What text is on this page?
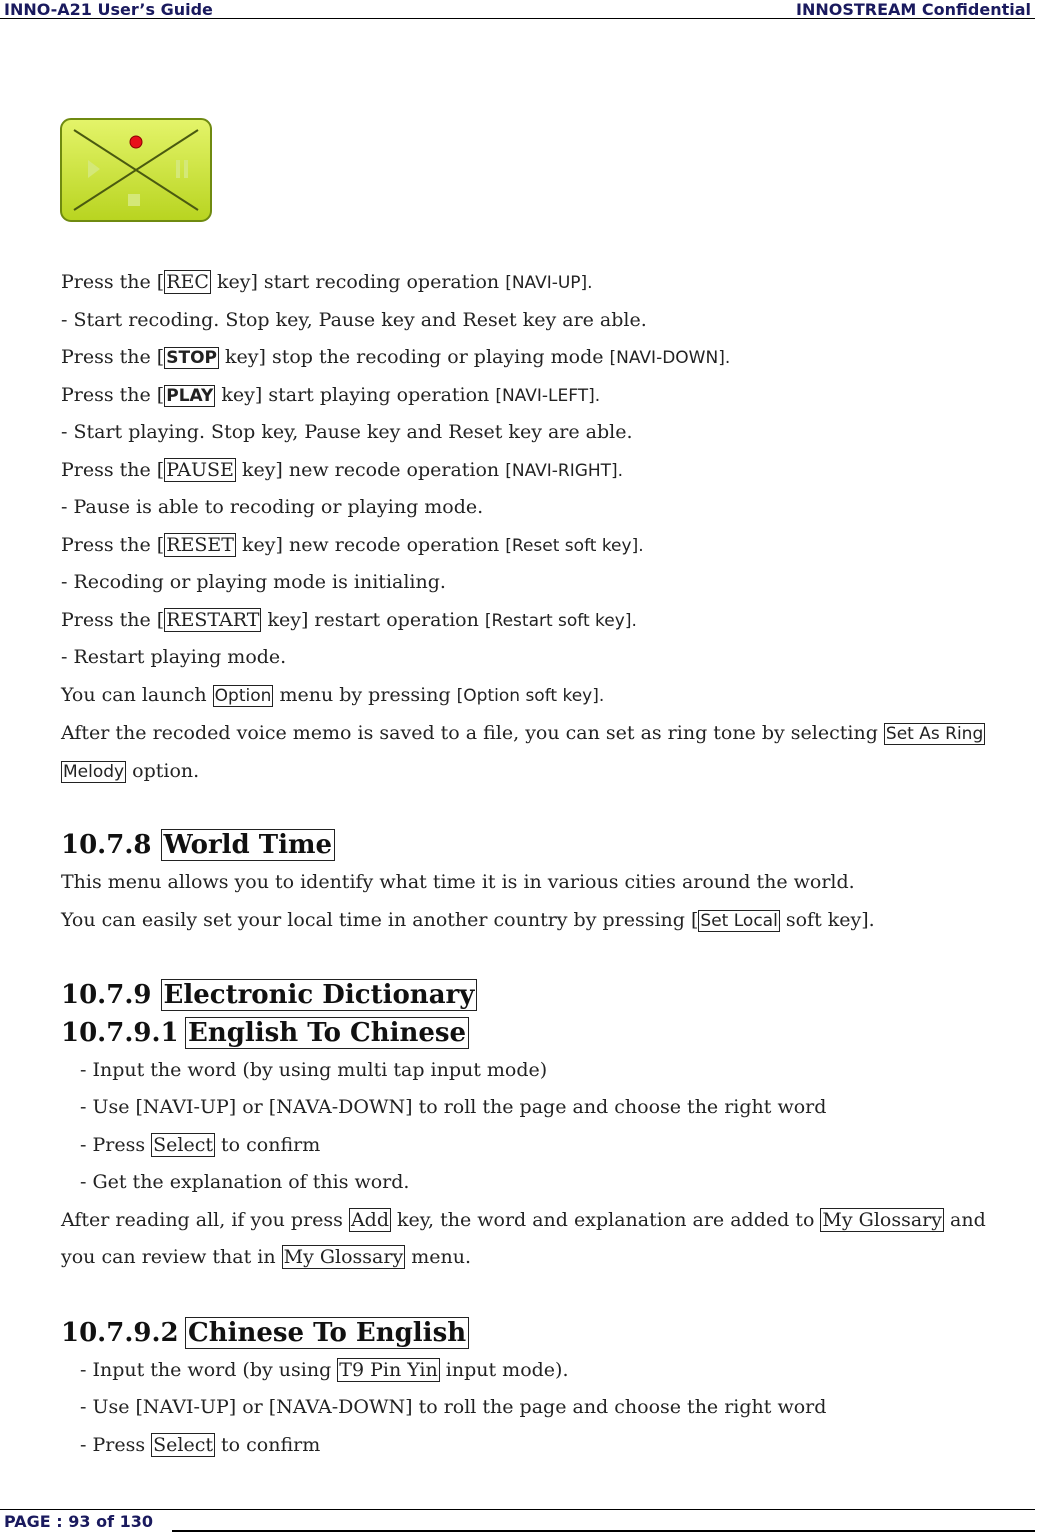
INNO-A21 User’s Guide	INNOSTREAM Confidential
Press the [ REC key] start recoding operation [NAVI-UP].
- Start recoding. Stop key, Pause key and Reset key are able.
Press the [ STOP key] stop the recoding or playing mode [NAVI-DOWN].
Press the [ PLAY key] start playing operation [NAVI-LEFT].
- Start playing. Stop key, Pause key and Reset key are able.
Press the [ PAUSE key] new recode operation [NAVI-RIGHT].
- Pause is able to recoding or playing mode.
Press the [ RESET key] new recode operation [Reset soft key].
- Recoding or playing mode is initialing.
Press the [ RESTART key] restart operation [Restart soft key].
- Restart playing mode.
You can launch Option menu by pressing [Option soft key].
After the recoded voice memo is saved to a file, you can set as ring tone by selecting Set As Ring
Melody option.
10.7.8 World Time
This menu allows you to identify what time it is in various cities around the world.
You can easily set your local time in another country by pressing [ Set Local soft key].
10.7.9 Electronic Dictionary
10.7.9.1 English To Chinese
- Input the word (by using multi tap input mode)
- Use [NAVI-UP] or [NAVA-DOWN] to roll the page and choose the right word
- Press Select to confirm
- Get the explanation of this word.
After reading all, if you press Add key, the word and explanation are added to My Glossary and
you can review that in My Glossary menu.
10.7.9.2 Chinese To English
- Input the word (by using T9 Pin Yin input mode).
- Use [NAVI-UP] or [NAVA-DOWN] to roll the page and choose the right word
- Press Select to confirm
PAGE : 93 of 130
